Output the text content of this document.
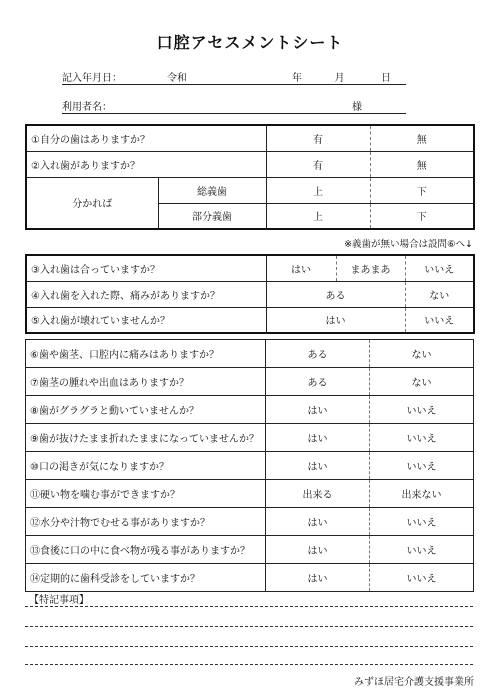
口腔アセスメントシート
記入年月日：	令和	年	月	日
利用者名：	様
①自分の歯はありますか？		有	無
②入れ歯がありますか？		有	無
分かれば	総義歯	上	下
	部分義歯	上	下
※義歯が無い場合は設問⑥へ↓
③入れ歯は合っていますか？	はい	まあまあ	いいえ
④入れ歯を入れた際、痛みがありますか？	ある		ない
⑤入れ歯が壊れていませんか？	はい		いいえ
⑥歯や歯茎、口腔内に痛みはありますか？	ある	ない
⑦歯茎の腫れや出血はありますか？	ある	ない
⑧歯がグラグラと動いていませんか？	はい	いいえ
⑨歯が抜けたまま折れたままになっていませんか？	はい	いいえ
⑩口の渇きが気になりますか？	はい	いいえ
⑪硬い物を噛む事ができますか？	出来る	出来ない
⑫水分や汁物でむせる事がありますか？	はい	いいえ
⑬食後に口の中に食べ物が残る事がありますか？	はい	いいえ
⑭定期的に歯科受診をしていますか？	はい	いいえ
【特記事項】
みずほ居宅介護支援事業所
